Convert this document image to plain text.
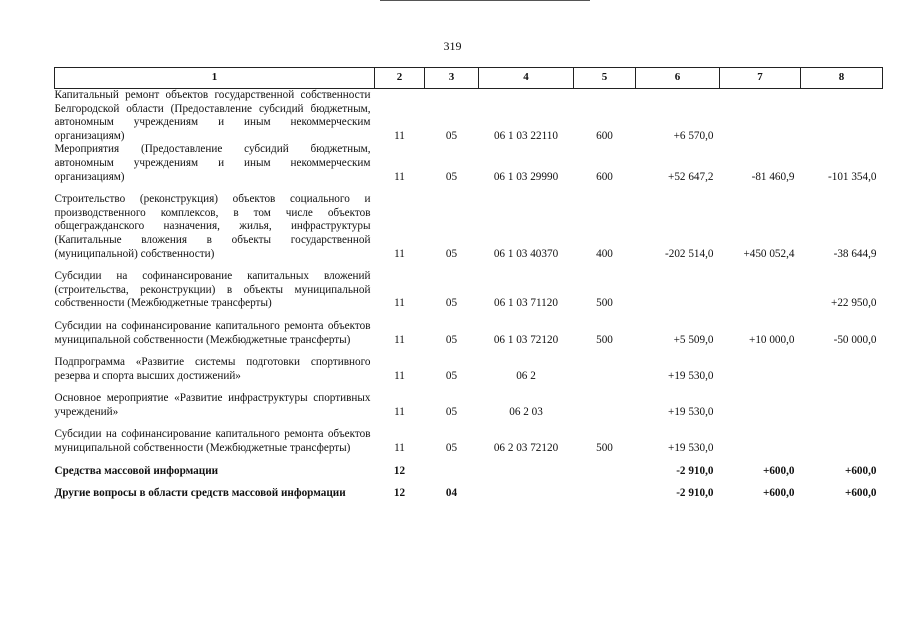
319
1	2	3	4	5	6	7	8
Капитальный ремонт объектов государственной собственности Белгородской области (Предоставление субсидий бюджетным, автономным учреждениям и иным некоммерческим организациям)	11	05	06 1 03 22110	600	+6 570,0		
Мероприятия (Предоставление субсидий бюджетным, автономным учреждениям и иным некоммерческим организациям)	11	05	06 1 03 29990	600	+52 647,2	-81 460,9	-101 354,0
Строительство (реконструкция) объектов социального и производственного комплексов, в том числе объектов общегражданского назначения, жилья, инфраструктуры (Капитальные вложения в объекты государственной (муниципальной) собственности)	11	05	06 1 03 40370	400	-202 514,0	+450 052,4	-38 644,9
Субсидии на софинансирование капитальных вложений (строительства, реконструкции) в объекты муниципальной собственности (Межбюджетные трансферты)	11	05	06 1 03 71120	500			+22 950,0
Субсидии на софинансирование капитального ремонта объектов муниципальной собственности (Межбюджетные трансферты)	11	05	06 1 03 72120	500	+5 509,0	+10 000,0	-50 000,0
Подпрограмма «Развитие системы подготовки спортивного резерва и спорта высших достижений»	11	05	06 2		+19 530,0		
Основное мероприятие «Развитие инфраструктуры спортивных учреждений»	11	05	06 2 03		+19 530,0		
Субсидии на софинансирование капитального ремонта объектов муниципальной собственности (Межбюджетные трансферты)	11	05	06 2 03 72120	500	+19 530,0		
Средства массовой информации	12				-2 910,0	+600,0	+600,0
Другие вопросы в области средств массовой информации	12	04			-2 910,0	+600,0	+600,0
